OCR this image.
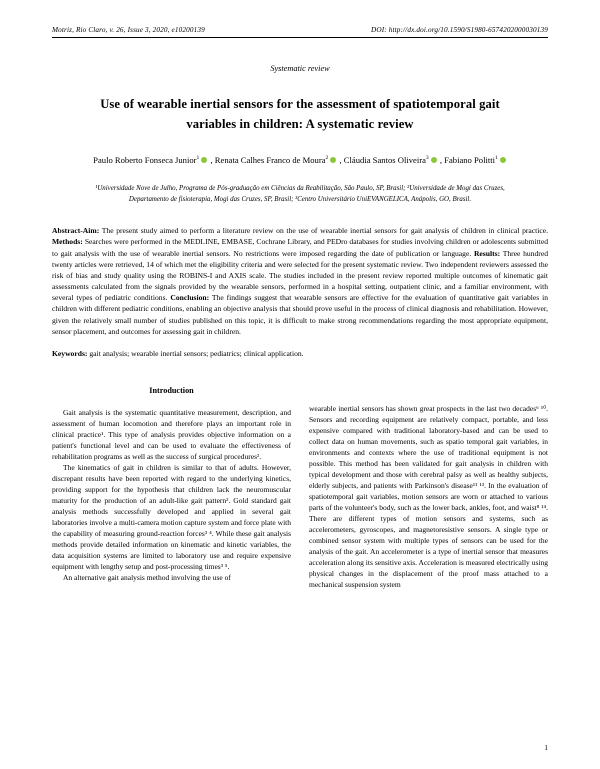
Motriz, Rio Claro, v. 26, Issue 3, 2020, e10200139	DOI: http://dx.doi.org/10.1590/S1980-6574202000030139
Systematic review
Use of wearable inertial sensors for the assessment of spatiotemporal gait variables in children: A systematic review
Paulo Roberto Fonseca Junior$^1$ , Renata Calhes Franco de Moura$^2$ , Cláudia Santos Oliveira$^3$ , Fabiano Politti$^1$
¹Universidade Nove de Julho, Programa de Pós-graduação em Ciências da Reabilitação, São Paulo, SP, Brasil; ²Universidade de Mogi das Cruzes, Departamento de fisioterapia, Mogi das Cruzes, SP, Brasil; ³Centro Universitário UniEVANGELICA, Anápolis, GO, Brasil.
Abstract-Aim: The present study aimed to perform a literature review on the use of wearable inertial sensors for gait analysis of children in clinical practice. Methods: Searches were performed in the MEDLINE, EMBASE, Cochrane Library, and PEDro databases for studies involving children or adolescents submitted to gait analysis with the use of wearable inertial sensors. No restrictions were imposed regarding the date of publication or language. Results: Three hundred twenty articles were retrieved, 14 of which met the eligibility criteria and were selected for the present systematic review. Two independent reviewers assessed the risk of bias and study quality using the ROBINS-I and AXIS scale. The studies included in the present review reported multiple outcomes of kinematic gait assessments calculated from the signals provided by the wearable sensors, performed in a hospital setting, outpatient clinic, and a familiar environment, with several types of pediatric conditions. Conclusion: The findings suggest that wearable sensors are effective for the evaluation of quantitative gait variables in children with different pediatric conditions, enabling an objective analysis that should prove useful in the process of clinical diagnosis and rehabilitation. However, given the relatively small number of studies published on this topic, it is difficult to make strong recommendations regarding the most appropriate equipment, sensor placement, and outcomes for assessing gait in children.
Keywords: gait analysis; wearable inertial sensors; pediatrics; clinical application.
Introduction

Gait analysis is the systematic quantitative measurement, description, and assessment of human locomotion and therefore plays an important role in clinical practice¹. This type of analysis provides objective information on a patient's functional level and can be used to evaluate the effectiveness of rehabilitation programs as well as the success of surgical procedures².

The kinematics of gait in children is similar to that of adults. However, discrepant results have been reported with regard to the underlying kinetics, providing support for the hypothesis that children lack the neuromuscular maturity for the production of an adult-like gait pattern². Gold standard gait analysis methods successfully developed and applied in several gait laboratories involve a multi-camera motion capture system and force plate with the capability of measuring ground-reaction forces³ ⁴. While these gait analysis methods provide detailed information on kinematic and kinetic variables, the data acquisition systems are limited to laboratory use and require expensive equipment with lengthy setup and post-processing times³ ⁵.

An alternative gait analysis method involving the use of

wearable inertial sensors has shown great prospects in the last two decades⁶ ¹⁰. Sensors and recording equipment are relatively compact, portable, and less expensive compared with traditional laboratory-based and can be used to collect data on human movements, such as spatio temporal gait variables, in environments and contexts where the use of traditional equipment is not possible. This method has been validated for gait analysis in children with typical development and those with cerebral palsy as well as healthy subjects, elderly subjects, and patients with Parkinson's disease¹¹ ¹³. In the evaluation of spatiotemporal gait variables, motion sensors are worn or attached to various parts of the volunteer's body, such as the lower back, ankles, foot, and waist⁸ ¹⁴. There are different types of motion sensors and systems, such as accelerometers, gyroscopes, and magnetoresistive sensors. A single type or combined sensor system with multiple types of sensors can be used for the analysis of the gait. An accelerometer is a type of inertial sensor that measures acceleration along its sensitive axis. Acceleration is measured electrically using physical changes in the displacement of the proof mass attached to a mechanical suspension system

1
